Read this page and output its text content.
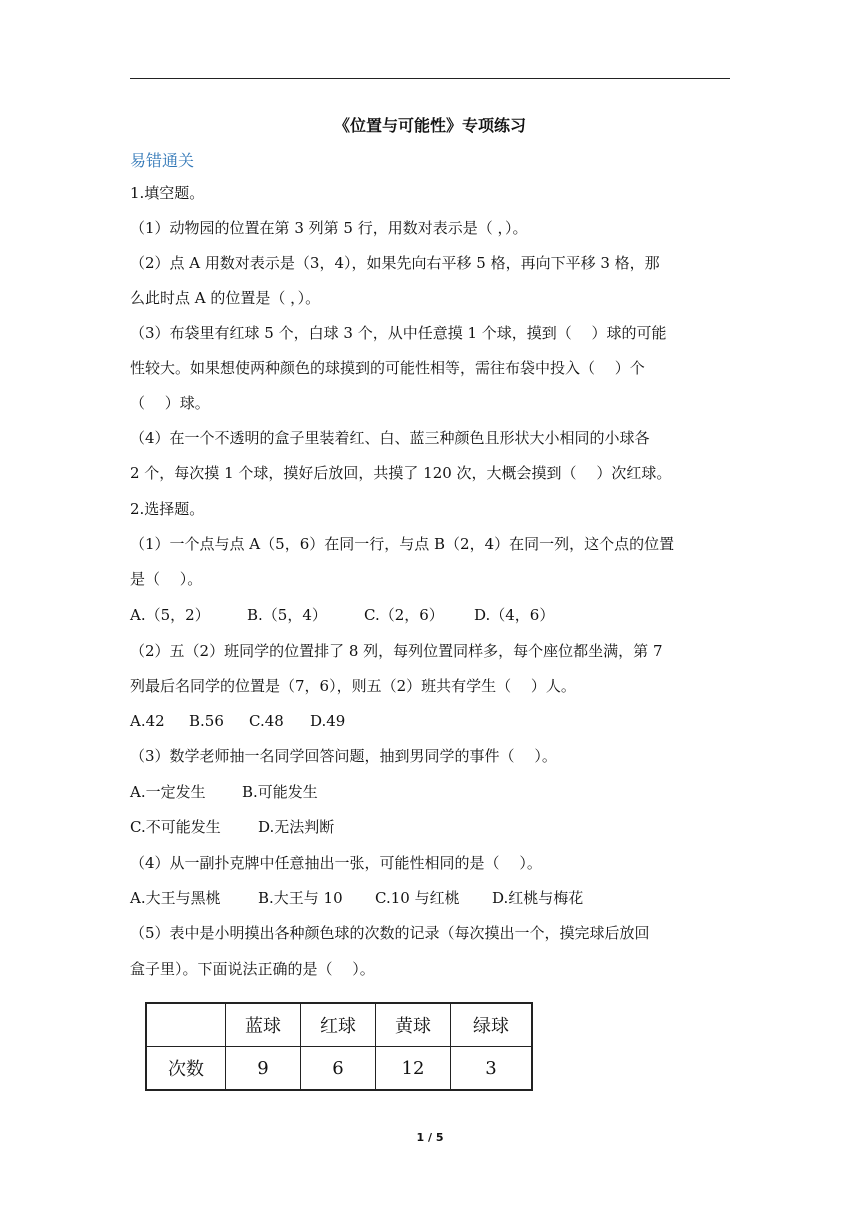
《位置与可能性》专项练习
易错通关
1.填空题。
（1）动物园的位置在第 3 列第 5 行，用数对表示是（ ，）。
（2）点 A 用数对表示是（3，4），如果先向右平移 5 格，再向下平移 3 格，那
么此时点 A 的位置是（ ，）。
（3）布袋里有红球 5 个，白球 3 个，从中任意摸 1 个球，摸到（　 ）球的可能
性较大。如果想使两种颜色的球摸到的可能性相等，需往布袋中投入（　 ）个
（　 ）球。
（4）在一个不透明的盒子里装着红、白、蓝三种颜色且形状大小相同的小球各
2 个，每次摸 1 个球，摸好后放回，共摸了 120 次，大概会摸到（　 ）次红球。
2.选择题。
（1）一个点与点 A（5，6）在同一行，与点 B（2，4）在同一列，这个点的位置
是（　 ）。
A.（5，2） B.（5，4） C.（2，6） D.（4，6）
（2）五（2）班同学的位置排了 8 列，每列位置同样多，每个座位都坐满，第 7
列最后名同学的位置是（7，6），则五（2）班共有学生（　 ）人。
A.42 B.56 C.48 D.49
（3）数学老师抽一名同学回答问题，抽到男同学的事件（　 ）。
A.一定发生 B.可能发生
C.不可能发生 D.无法判断
（4）从一副扑克牌中任意抽出一张，可能性相同的是（　 ）。
A.大王与黑桃 B.大王与 10 C.10 与红桃 D.红桃与梅花
（5）表中是小明摸出各种颜色球的次数的记录（每次摸出一个，摸完球后放回
盒子里）。下面说法正确的是（　 ）。
	蓝球	红球	黄球	绿球
次数	9	6	12	3
1 / 5
